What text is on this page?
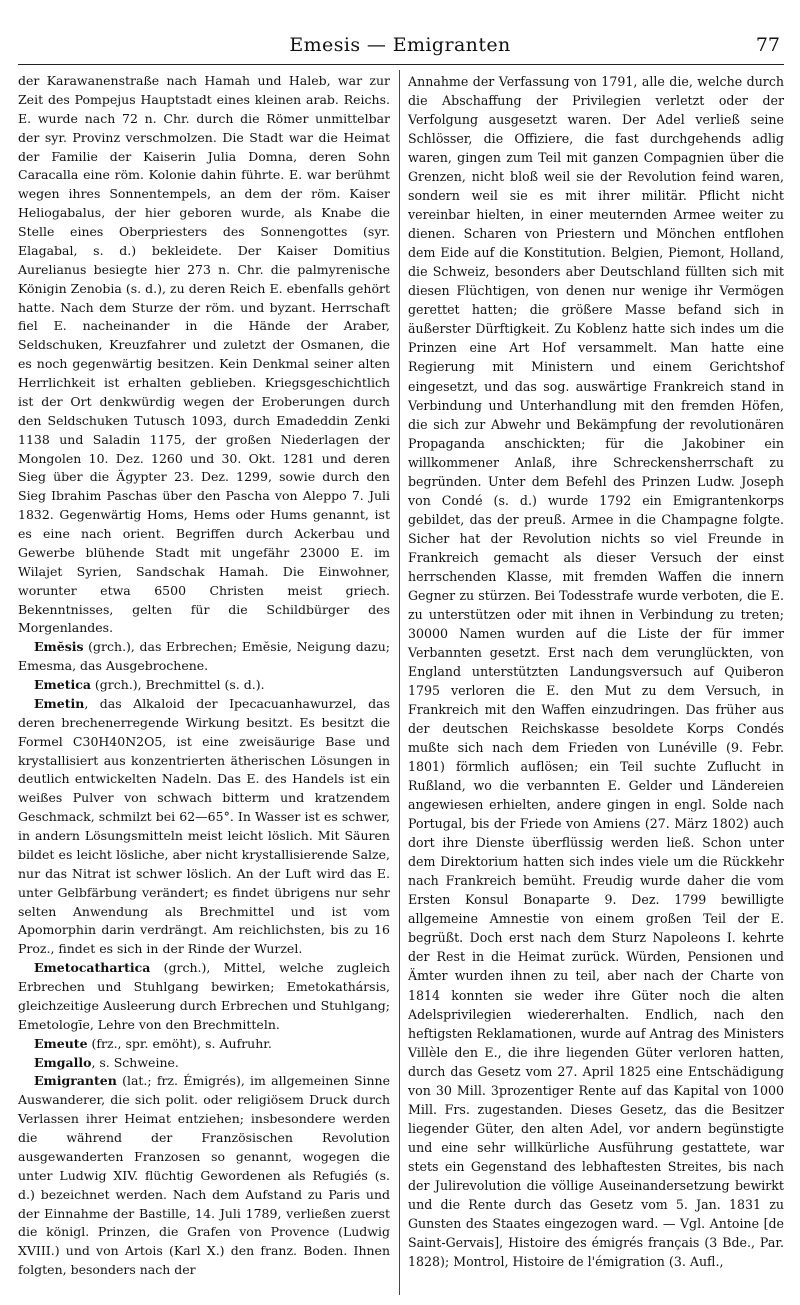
Emesis — Emigranten	77

der Karawanenstraße nach Hamah und Haleb, war zur Zeit des Pompejus Hauptstadt eines kleinen arab. Reichs. E. wurde nach 72 n. Chr. durch die Römer unmittelbar der syr. Provinz verschmolzen. Die Stadt war die Heimat der Familie der Kaiserin Julia Domna, deren Sohn Caracalla eine röm. Kolonie dahin führte. E. war berühmt wegen ihres Sonnentempels, an dem der röm. Kaiser Heliogabalus, der hier geboren wurde, als Knabe die Stelle eines Oberpriesters des Sonnengottes (syr. Elagabal, s. d.) bekleidete. Der Kaiser Domitius Aurelianus besiegte hier 273 n. Chr. die palmyrenische Königin Zenobia (s. d.), zu deren Reich E. ebenfalls gehört hatte. Nach dem Sturze der röm. und byzant. Herrschaft fiel E. nacheinander in die Hände der Araber, Seldschuken, Kreuzfahrer und zuletzt der Osmanen, die es noch gegenwärtig besitzen. Kein Denkmal seiner alten Herrlichkeit ist erhalten geblieben. Kriegsgeschichtlich ist der Ort denkwürdig wegen der Eroberungen durch den Seldschuken Tutusch 1093, durch Emadeddin Zenki 1138 und Saladin 1175, der großen Niederlagen der Mongolen 10. Dez. 1260 und 30. Okt. 1281 und deren Sieg über die Ägypter 23. Dez. 1299, sowie durch den Sieg Ibrahim Paschas über den Pascha von Aleppo 7. Juli 1832. Gegenwärtig Homs, Hems oder Hums genannt, ist es eine nach orient. Begriffen durch Ackerbau und Gewerbe blühende Stadt mit ungefähr 23000 E. im Wilajet Syrien, Sandschak Hamah. Die Einwohner, worunter etwa 6500 Christen meist griech. Bekenntnisses, gelten für die Schildbürger des Morgenlandes.

Emĕsis (grch.), das Erbrechen; Emĕsie, Neigung dazu; Emesma, das Ausgebrochene.

Emetica (grch.), Brechmittel (s. d.).

Emetin, das Alkaloid der Ipecacuanhawurzel, das deren brechenerregende Wirkung besitzt. Es besitzt die Formel C30H40N2O5, ist eine zweisäurige Base und krystallisiert aus konzentrierten ätherischen Lösungen in deutlich entwickelten Nadeln. Das E. des Handels ist ein weißes Pulver von schwach bitterm und kratzendem Geschmack, schmilzt bei 62—65°. In Wasser ist es schwer, in andern Lösungsmitteln meist leicht löslich. Mit Säuren bildet es leicht lösliche, aber nicht krystallisierende Salze, nur das Nitrat ist schwer löslich. An der Luft wird das E. unter Gelbfärbung verändert; es findet übrigens nur sehr selten Anwendung als Brechmittel und ist vom Apomorphin darin verdrängt. Am reichlichsten, bis zu 16 Proz., findet es sich in der Rinde der Wurzel.

Emetocathartica (grch.), Mittel, welche zugleich Erbrechen und Stuhlgang bewirken; Emetokathársis, gleichzeitige Ausleerung durch Erbrechen und Stuhlgang; Emetologīe, Lehre von den Brechmitteln.

Emeute (frz., spr. emöht), s. Aufruhr.

Emgallo, s. Schweine.

Emigranten (lat.; frz. Émigrés), im allgemeinen Sinne Auswanderer, die sich polit. oder religiösem Druck durch Verlassen ihrer Heimat entziehen; insbesondere werden die während der Französischen Revolution ausgewanderten Franzosen so genannt, wogegen die unter Ludwig XIV. flüchtig Gewordenen als Refugiés (s. d.) bezeichnet werden. Nach dem Aufstand zu Paris und der Einnahme der Bastille, 14. Juli 1789, verließen zuerst die königl. Prinzen, die Grafen von Provence (Ludwig XVIII.) und von Artois (Karl X.) den franz. Boden. Ihnen folgten, besonders nach der

Annahme der Verfassung von 1791, alle die, welche durch die Abschaffung der Privilegien verletzt oder der Verfolgung ausgesetzt waren. Der Adel verließ seine Schlösser, die Offiziere, die fast durchgehends adlig waren, gingen zum Teil mit ganzen Compagnien über die Grenzen, nicht bloß weil sie der Revolution feind waren, sondern weil sie es mit ihrer militär. Pflicht nicht vereinbar hielten, in einer meuternden Armee weiter zu dienen. Scharen von Priestern und Mönchen entflohen dem Eide auf die Konstitution. Belgien, Piemont, Holland, die Schweiz, besonders aber Deutschland füllten sich mit diesen Flüchtigen, von denen nur wenige ihr Vermögen gerettet hatten; die größere Masse befand sich in äußerster Dürftigkeit. Zu Koblenz hatte sich indes um die Prinzen eine Art Hof versammelt. Man hatte eine Regierung mit Ministern und einem Gerichtshof eingesetzt, und das sog. auswärtige Frankreich stand in Verbindung und Unterhandlung mit den fremden Höfen, die sich zur Abwehr und Bekämpfung der revolutionären Propaganda anschickten; für die Jakobiner ein willkommener Anlaß, ihre Schreckensherrschaft zu begründen. Unter dem Befehl des Prinzen Ludw. Joseph von Condé (s. d.) wurde 1792 ein Emigrantenkorps gebildet, das der preuß. Armee in die Champagne folgte. Sicher hat der Revolution nichts so viel Freunde in Frankreich gemacht als dieser Versuch der einst herrschenden Klasse, mit fremden Waffen die innern Gegner zu stürzen. Bei Todesstrafe wurde verboten, die E. zu unterstützen oder mit ihnen in Verbindung zu treten; 30000 Namen wurden auf die Liste der für immer Verbannten gesetzt. Erst nach dem verunglückten, von England unterstützten Landungsversuch auf Quiberon 1795 verloren die E. den Mut zu dem Versuch, in Frankreich mit den Waffen einzudringen. Das früher aus der deutschen Reichskasse besoldete Korps Condés mußte sich nach dem Frieden von Lunéville (9. Febr. 1801) förmlich auflösen; ein Teil suchte Zuflucht in Rußland, wo die verbannten E. Gelder und Ländereien angewiesen erhielten, andere gingen in engl. Solde nach Portugal, bis der Friede von Amiens (27. März 1802) auch dort ihre Dienste überflüssig werden ließ. Schon unter dem Direktorium hatten sich indes viele um die Rückkehr nach Frankreich bemüht. Freudig wurde daher die vom Ersten Konsul Bonaparte 9. Dez. 1799 bewilligte allgemeine Amnestie von einem großen Teil der E. begrüßt. Doch erst nach dem Sturz Napoleons I. kehrte der Rest in die Heimat zurück. Würden, Pensionen und Ämter wurden ihnen zu teil, aber nach der Charte von 1814 konnten sie weder ihre Güter noch die alten Adelsprivilegien wiedererhalten. Endlich, nach den heftigsten Reklamationen, wurde auf Antrag des Ministers Villèle den E., die ihre liegenden Güter verloren hatten, durch das Gesetz vom 27. April 1825 eine Entschädigung von 30 Mill. 3prozentiger Rente auf das Kapital von 1000 Mill. Frs. zugestanden. Dieses Gesetz, das die Besitzer liegender Güter, den alten Adel, vor andern begünstigte und eine sehr willkürliche Ausführung gestattete, war stets ein Gegenstand des lebhaftesten Streites, bis nach der Julirevolution die völlige Auseinandersetzung bewirkt und die Rente durch das Gesetz vom 5. Jan. 1831 zu Gunsten des Staates eingezogen ward. — Vgl. Antoine [de Saint-Gervais], Histoire des émigrés français (3 Bde., Par. 1828); Montrol, Histoire de l'émigration (3. Aufl.,
